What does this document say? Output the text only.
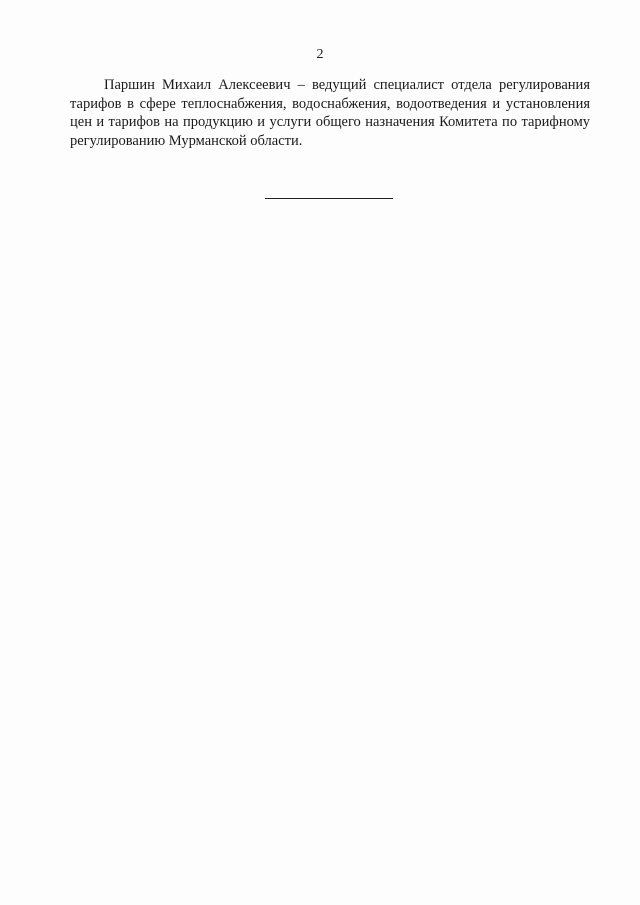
2

Паршин Михаил Алексеевич – ведущий специалист отдела регулирования тарифов в сфере теплоснабжения, водоснабжения, водоотведения и установления цен и тарифов на продукцию и услуги общего назначения Комитета по тарифному регулированию Мурманской области.
